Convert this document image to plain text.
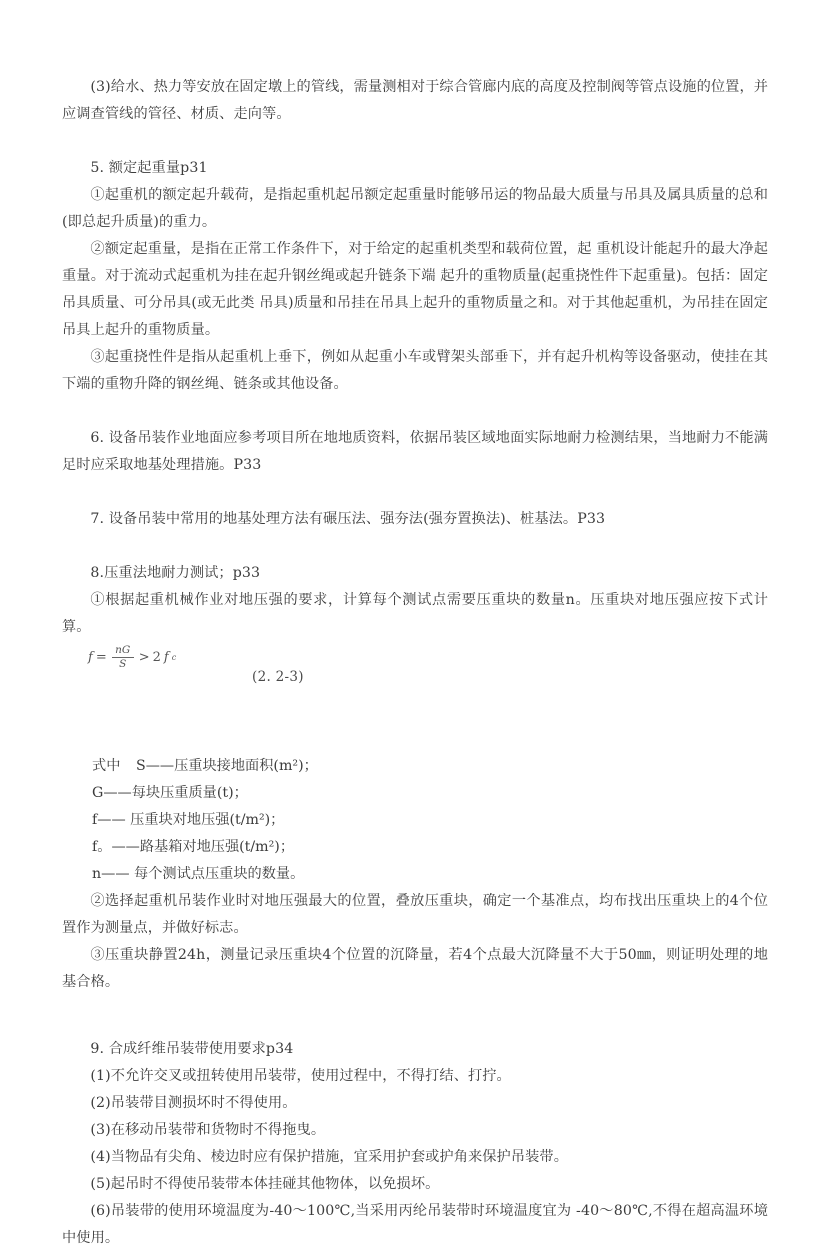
(3)给水、热力等安放在固定墩上的管线，需量测相对于综合管廊内底的高度及控制阀等管点设施的位置，并应调查管线的管径、材质、走向等。

5. 额定起重量p31

①起重机的额定起升载荷，是指起重机起吊额定起重量时能够吊运的物品最大质量与吊具及属具质量的总和(即总起升质量)的重力。

②额定起重量，是指在正常工作条件下，对于给定的起重机类型和载荷位置，起 重机设计能起升的最大净起重量。对于流动式起重机为挂在起升钢丝绳或起升链条下端 起升的重物质量(起重挠性件下起重量)。包括：固定吊具质量、可分吊具(或无此类 吊具)质量和吊挂在吊具上起升的重物质量之和。对于其他起重机，为吊挂在固定吊具上起升的重物质量。

③起重挠性件是指从起重机上垂下，例如从起重小车或臂架头部垂下，并有起升机构等设备驱动，使挂在其下端的重物升降的钢丝绳、链条或其他设备。

6. 设备吊装作业地面应参考项目所在地地质资料，依据吊装区域地面实际地耐力检测结果，当地耐力不能满足时应采取地基处理措施。P33

7. 设备吊装中常用的地基处理方法有碾压法、强夯法(强夯置换法)、桩基法。P33

8.压重法地耐力测试；p33

①根据起重机械作业对地压强的要求，计算每个测试点需要压重块的数量n。压重块对地压强应按下式计算。

$f = \frac{nG}{S} > 2$ f c
(2. 2-3)
式中 S——压重块接地面积(m²)；
G——每块压重质量(t)；
f—— 压重块对地压强(t/m²)；
f。——路基箱对地压强(t/m²)；
n—— 每个测试点压重块的数量。

②选择起重机吊装作业时对地压强最大的位置，叠放压重块，确定一个基准点，均布找出压重块上的4个位置作为测量点，并做好标志。

③压重块静置24h，测量记录压重块4个位置的沉降量，若4个点最大沉降量不大于50㎜，则证明处理的地基合格。

9. 合成纤维吊装带使用要求p34

(1)不允许交叉或扭转使用吊装带，使用过程中，不得打结、打拧。

(2)吊装带目测损坏时不得使用。

(3)在移动吊装带和货物时不得拖曳。

(4)当物品有尖角、棱边时应有保护措施，宜采用护套或护角来保护吊装带。

(5)起吊时不得使吊装带本体挂碰其他物体，以免损坏。

(6)吊装带的使用环境温度为-40～100℃,当采用丙纶吊装带时环境温度宜为 -40～80℃,不得在超高温环境中使用。
